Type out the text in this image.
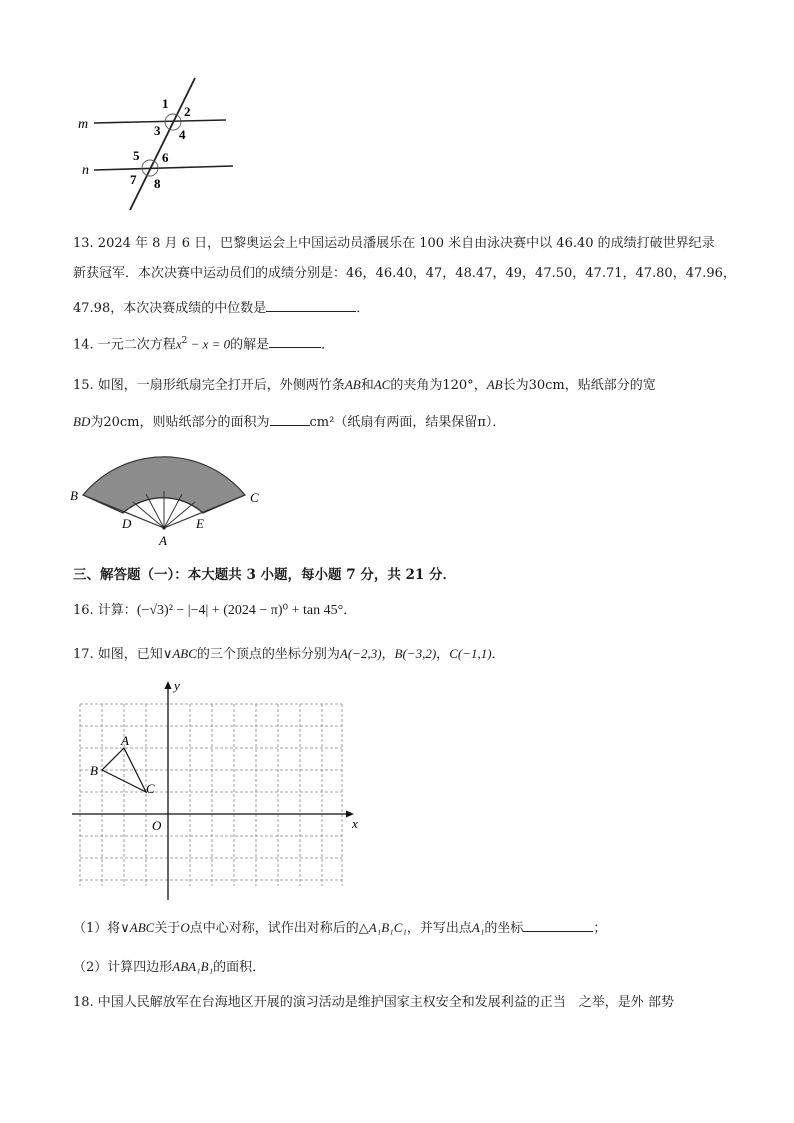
m
n
1
2
3 4
5 6
7 8
13. 2024 年 8 月 6 日，巴黎奥运会上中国运动员潘展乐在 100 米自由泳决赛中以 46.40 的成绩打破世界纪录
新获冠军．本次决赛中运动员们的成绩分别是：46，46.40，47，48.47，49，47.50，47.71，47.80，47.96，
47.98，本次决赛成绩的中位数是	．
14. 一元二次方程$x^2 - x = 0$的解是	．
15. 如图，一扇形纸扇完全打开后，外侧两竹条AB和AC的夹角为120°，AB长为30cm，贴纸部分的宽
BD为20cm，则贴纸部分的面积为	cm²（纸扇有两面，结果保留π）．
B	C
D	E
A
三、解答题（一）：本大题共 3 小题，每小题 7 分，共 21 分．
16. 计算：(−√3)² − |−4| + (2024 − π)⁰ + tan 45°．
17. 如图，已知∨ABC的三个顶点的坐标分别为A(−2,3)，B(−3,2)，C(−1,1)．
x
y
O
A
B
C
（1）将∨ABC关于O点中心对称，试作出对称后的△A₁B₁C₁，并写出点A₁的坐标	；
（2）计算四边形ABA₁B₁的面积．
18. 中国人民解放军在台海地区开展的演习活动是维护国家主权安全和发展利益的正当　之举，是外 部势
